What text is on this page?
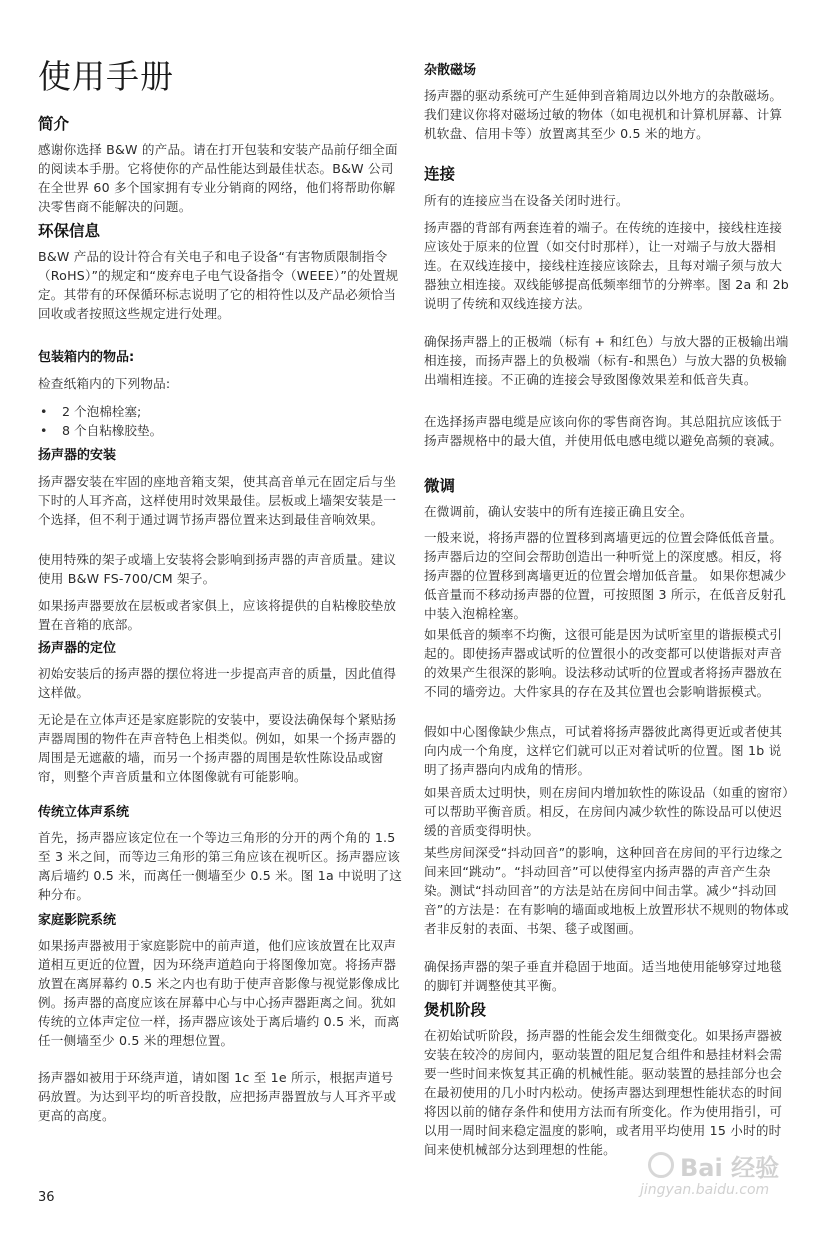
使用手册
简介

感谢你选择 B&W 的产品。请在打开包装和安装产品前仔细全面的阅读本手册。它将使你的产品性能达到最佳状态。B&W 公司在全世界 60 多个国家拥有专业分销商的网络，他们将帮助你解决零售商不能解决的问题。

环保信息

B&W 产品的设计符合有关电子和电子设备“有害物质限制指令（RoHS）”的规定和“废弃电子电气设备指令（WEEE）”的处置规定。其带有的环保循环标志说明了它的相符性以及产品必须恰当回收或者按照这些规定进行处理。

包装箱内的物品:

检查纸箱内的下列物品:

• 2 个泡棉栓塞;
• 8 个自粘橡胶垫。
扬声器的安装

扬声器安装在牢固的座地音箱支架，使其高音单元在固定后与坐下时的人耳齐高，这样使用时效果最佳。层板或上墙架安装是一个选择，但不利于通过调节扬声器位置来达到最佳音响效果。

使用特殊的架子或墙上安装将会影响到扬声器的声音质量。建议使用 B&W FS-700/CM 架子。

如果扬声器要放在层板或者家俱上，应该将提供的自粘橡胶垫放置在音箱的底部。

扬声器的定位

初始安装后的扬声器的摆位将进一步提高声音的质量，因此值得这样做。

无论是在立体声还是家庭影院的安装中，要设法确保每个紧贴扬声器周围的物件在声音特色上相类似。例如，如果一个扬声器的周围是无遮蔽的墙，而另一个扬声器的周围是软性陈设品或窗帘，则整个声音质量和立体图像就有可能影响。

传统立体声系统

首先，扬声器应该定位在一个等边三角形的分开的两个角的 1.5 至 3 米之间，而等边三角形的第三角应该在视听区。扬声器应该离后墙约 0.5 米，而离任一侧墙至少 0.5 米。图 1a 中说明了这种分布。

家庭影院系统

如果扬声器被用于家庭影院中的前声道，他们应该放置在比双声道相互更近的位置，因为环绕声道趋向于将图像加宽。将扬声器放置在离屏幕约 0.5 米之内也有助于使声音影像与视觉影像成比例。扬声器的高度应该在屏幕中心与中心扬声器距离之间。犹如传统的立体声定位一样，扬声器应该处于离后墙约 0.5 米，而离任一侧墙至少 0.5 米的理想位置。

扬声器如被用于环绕声道，请如图 1c 至 1e 所示，根据声道号码放置。为达到平均的听音投散，应把扬声器置放与人耳齐平或更高的高度。

杂散磁场

扬声器的驱动系统可产生延伸到音箱周边以外地方的杂散磁场。我们建议你将对磁场过敏的物体（如电视机和计算机屏幕、计算机软盘、信用卡等）放置离其至少 0.5 米的地方。

连接

所有的连接应当在设备关闭时进行。

扬声器的背部有两套连着的端子。在传统的连接中，接线柱连接应该处于原来的位置（如交付时那样），让一对端子与放大器相连。在双线连接中，接线柱连接应该除去，且每对端子须与放大器独立相连接。双线能够提高低频率细节的分辨率。图 2a 和 2b 说明了传统和双线连接方法。

确保扬声器上的正极端（标有 + 和红色）与放大器的正极输出端相连接，而扬声器上的负极端（标有-和黑色）与放大器的负极输出端相连接。不正确的连接会导致图像效果差和低音失真。

在选择扬声器电缆是应该向你的零售商咨询。其总阻抗应该低于扬声器规格中的最大值，并使用低电感电缆以避免高频的衰减。

微调

在微调前，确认安装中的所有连接正确且安全。

一般来说，将扬声器的位置移到离墙更远的位置会降低低音量。扬声器后边的空间会帮助创造出一种听觉上的深度感。相反，将扬声器的位置移到离墙更近的位置会增加低音量。 如果你想减少低音量而不移动扬声器的位置，可按照图 3 所示，在低音反射孔中装入泡棉栓塞。

如果低音的频率不均衡，这很可能是因为试听室里的谐振模式引起的。即使扬声器或试听的位置很小的改变都可以使谐振对声音的效果产生很深的影响。设法移动试听的位置或者将扬声器放在不同的墙旁边。大件家具的存在及其位置也会影响谐振模式。

假如中心图像缺少焦点，可试着将扬声器彼此离得更近或者使其向内成一个角度，这样它们就可以正对着试听的位置。图 1b 说明了扬声器向内成角的情形。

如果音质太过明快，则在房间内增加软性的陈设品（如重的窗帘）可以帮助平衡音质。相反，在房间内减少软性的陈设品可以使迟缓的音质变得明快。

某些房间深受“抖动回音”的影响，这种回音在房间的平行边缘之间来回“跳动”。“抖动回音”可以使得室内扬声器的声音产生杂染。测试“抖动回音”的方法是站在房间中间击掌。减少“抖动回音”的方法是：在有影响的墙面或地板上放置形状不规则的物体或者非反射的表面、书架、毯子或图画。

确保扬声器的架子垂直并稳固于地面。适当地使用能够穿过地毯的脚钉并调整使其平衡。

煲机阶段

在初始试听阶段，扬声器的性能会发生细微变化。如果扬声器被安装在较冷的房间内，驱动装置的阻尼复合组件和悬挂材料会需要一些时间来恢复其正确的机械性能。驱动装置的悬挂部分也会在最初使用的几小时内松动。使扬声器达到理想性能状态的时间将因以前的储存条件和使用方法而有所变化。作为使用指引，可以用一周时间来稳定温度的影响，或者用平均使用 15 小时的时间来使机械部分达到理想的性能。

36
Bai 经验
jingyan.baidu.com
